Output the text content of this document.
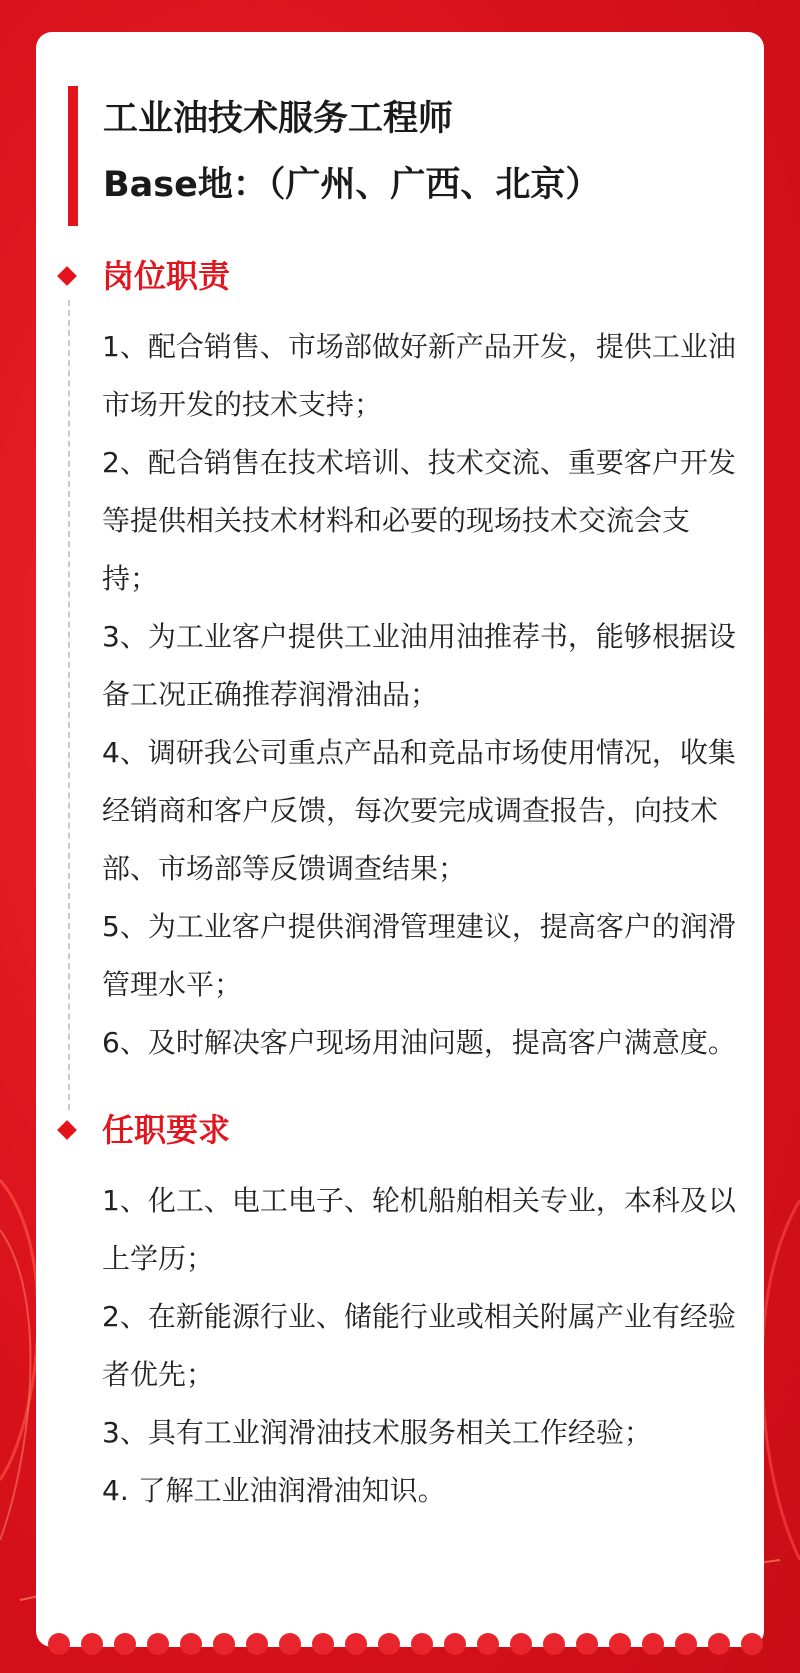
工业油技术服务工程师
Base地：（广州、广西、北京）
岗位职责

1、配合销售、市场部做好新产品开发，提供工业油市场开发的技术支持；

2、配合销售在技术培训、技术交流、重要客户开发等提供相关技术材料和必要的现场技术交流会支持；

3、为工业客户提供工业油用油推荐书，能够根据设备工况正确推荐润滑油品；

4、调研我公司重点产品和竞品市场使用情况，收集经销商和客户反馈，每次要完成调查报告，向技术部、市场部等反馈调查结果；

5、为工业客户提供润滑管理建议，提高客户的润滑管理水平；

6、及时解决客户现场用油问题，提高客户满意度。

任职要求

1、化工、电工电子、轮机船舶相关专业，本科及以上学历；

2、在新能源行业、储能行业或相关附属产业有经验者优先；

3、具有工业润滑油技术服务相关工作经验；

4. 了解工业油润滑油知识。
